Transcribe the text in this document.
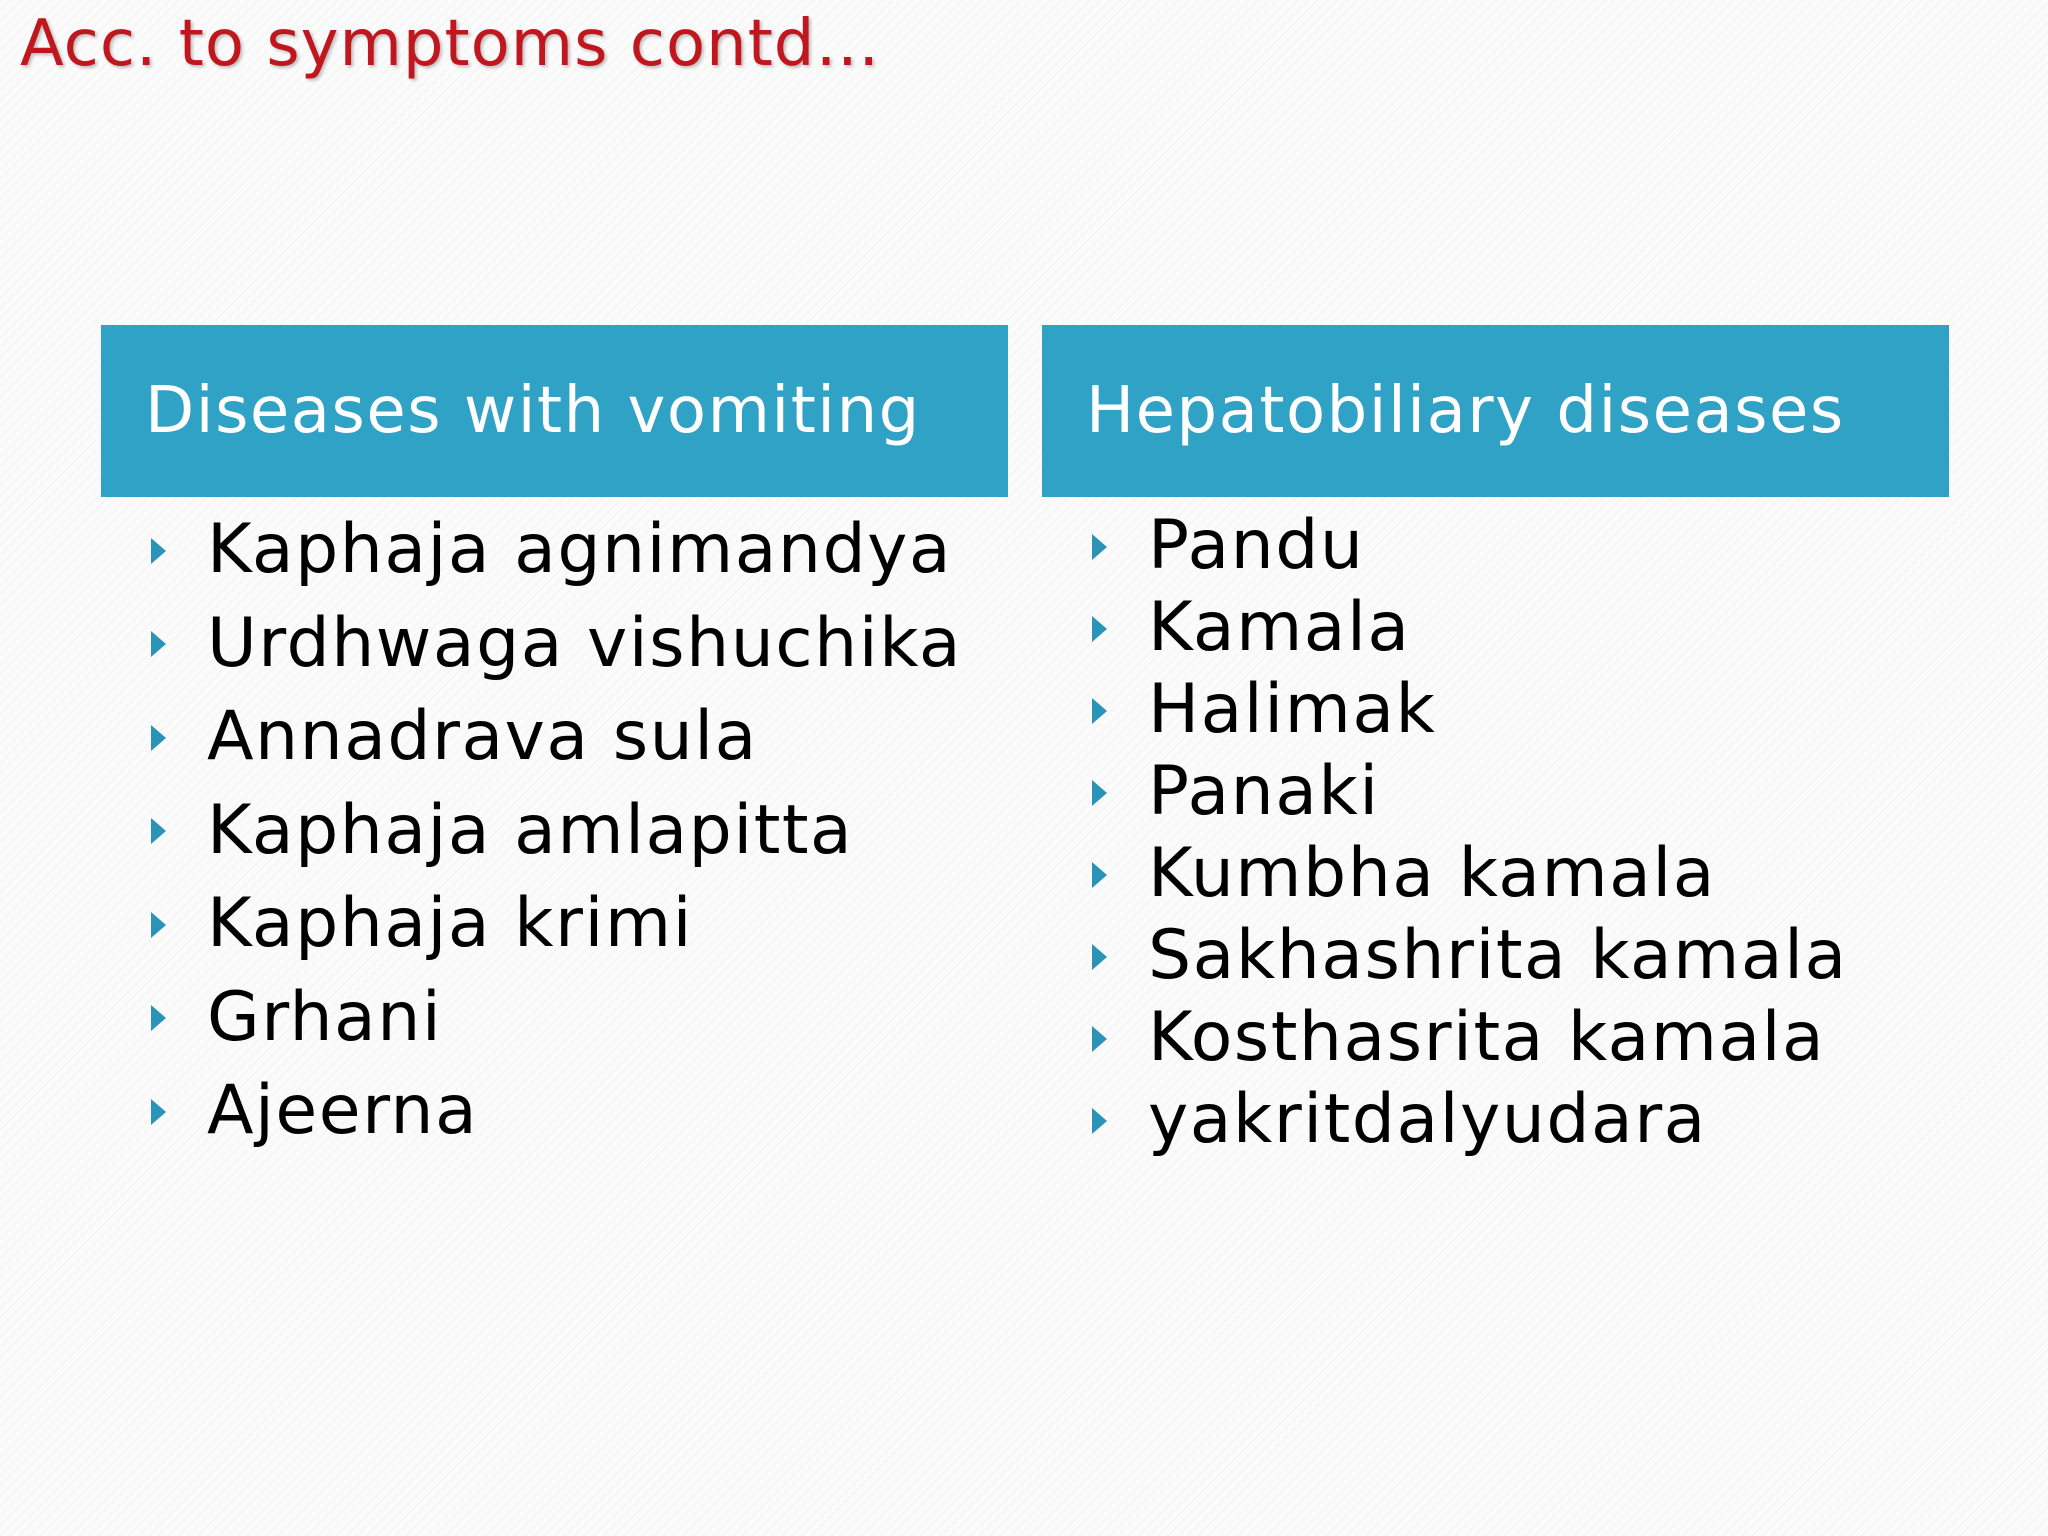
Acc. to symptoms contd…
Diseases with vomiting
Kaphaja agnimandya
Urdhwaga vishuchika
Annadrava sula
Kaphaja amlapitta
Kaphaja krimi
Grhani
Ajeerna
Hepatobiliary diseases
Pandu
Kamala
Halimak
Panaki
Kumbha kamala
Sakhashrita kamala
Kosthasrita kamala
yakritdalyudara
